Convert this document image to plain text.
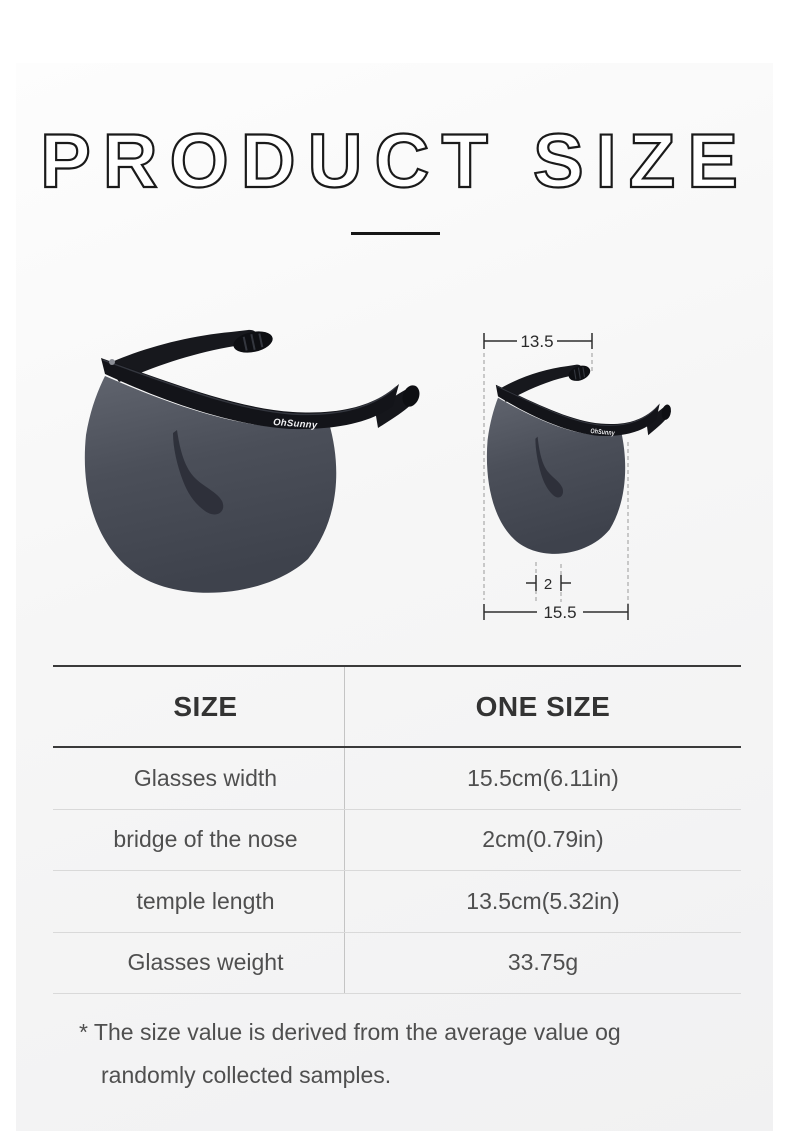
PRODUCT SIZE
OhSunny
OhSunny
13.5
2
15.5
SIZE	ONE SIZE
Glasses width	15.5cm(6.11in)
bridge of the nose	2cm(0.79in)
temple length	13.5cm(5.32in)
Glasses weight	33.75g
* The size value is derived from the average value og
randomly collected samples.
